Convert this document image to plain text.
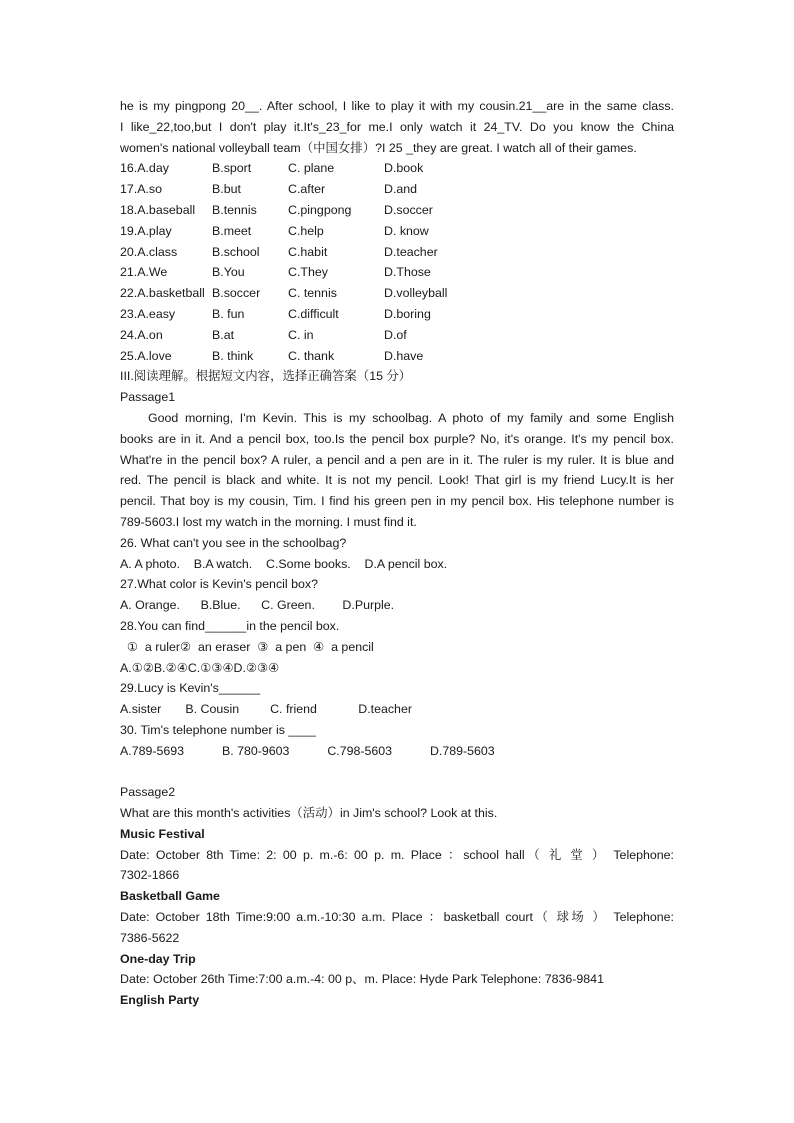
he is my pingpong 20__. After school, I like to play it with my cousin.21__are in the same class.
I like_22,too,but I don't play it.It's_23_for me.I only watch it 24_TV. Do you know the China
women's national volleyball team（中国女排）?I 25 _they are great. I watch all of their games.
16.A.day	B.sport	C. plane	D.book
17.A.so	B.but	C.after	D.and
18.A.baseball	B.tennis	C.pingpong	D.soccer
19.A.play	B.meet	C.help	D. know
20.A.class	B.school	C.habit	D.teacher
21.A.We	B.You	C.They	D.Those
22.A.basketball B.soccer	C. tennis	D.volleyball
23.A.easy	B. fun	C.difficult	D.boring
24.A.on	B.at	C. in	D.of
25.A.love	B. think	C. thank	D.have
III.阅读理解。根据短文内容，选择正确答案（15 分）
Passage1
Good morning, I'm Kevin. This is my schoolbag. A photo of my family and some English
books are in it. And a pencil box, too.Is the pencil box purple? No, it's orange. It's my pencil box.
What're in the pencil box? A ruler, a pencil and a pen are in it. The ruler is my ruler. It is blue and
red. The pencil is black and white. It is not my pencil. Look! That girl is my friend Lucy.It is her
pencil. That boy is my cousin, Tim. I find his green pen in my pencil box. His telephone number is
789-5603.I lost my watch in the morning. I must find it.
26. What can't you see in the schoolbag?
A. A photo.    B.A watch.    C.Some books.    D.A pencil box.
27.What color is Kevin's pencil box?
A. Orange.      B.Blue.      C. Green.        D.Purple.
28.You can find______in the pencil box.
①  a ruler②  an eraser  ③  a pen  ④  a pencil
A.①②B.②④C.①③④D.②③④
29.Lucy is Kevin's______
A.sister       B. Cousin         C. friend            D.teacher
30. Tim's telephone number is ____
A.789-5693           B. 780-9603           C.798-5603           D.789-5603
Passage2
What are this month's activities（活动）in Jim's school? Look at this.
Music Festival
Date: October 8th Time: 2: 00 p. m.-6: 00 p. m. Place ：school hall（ 礼 堂 ） Telephone:
7302-1866
Basketball Game
Date: October 18th Time:9:00 a.m.-10:30 a.m. Place ：basketball court（ 球场 ） Telephone:
7386-5622
One-day Trip
Date: October 26th Time:7:00 a.m.-4: 00 p、m. Place: Hyde Park Telephone: 7836-9841
English Party
